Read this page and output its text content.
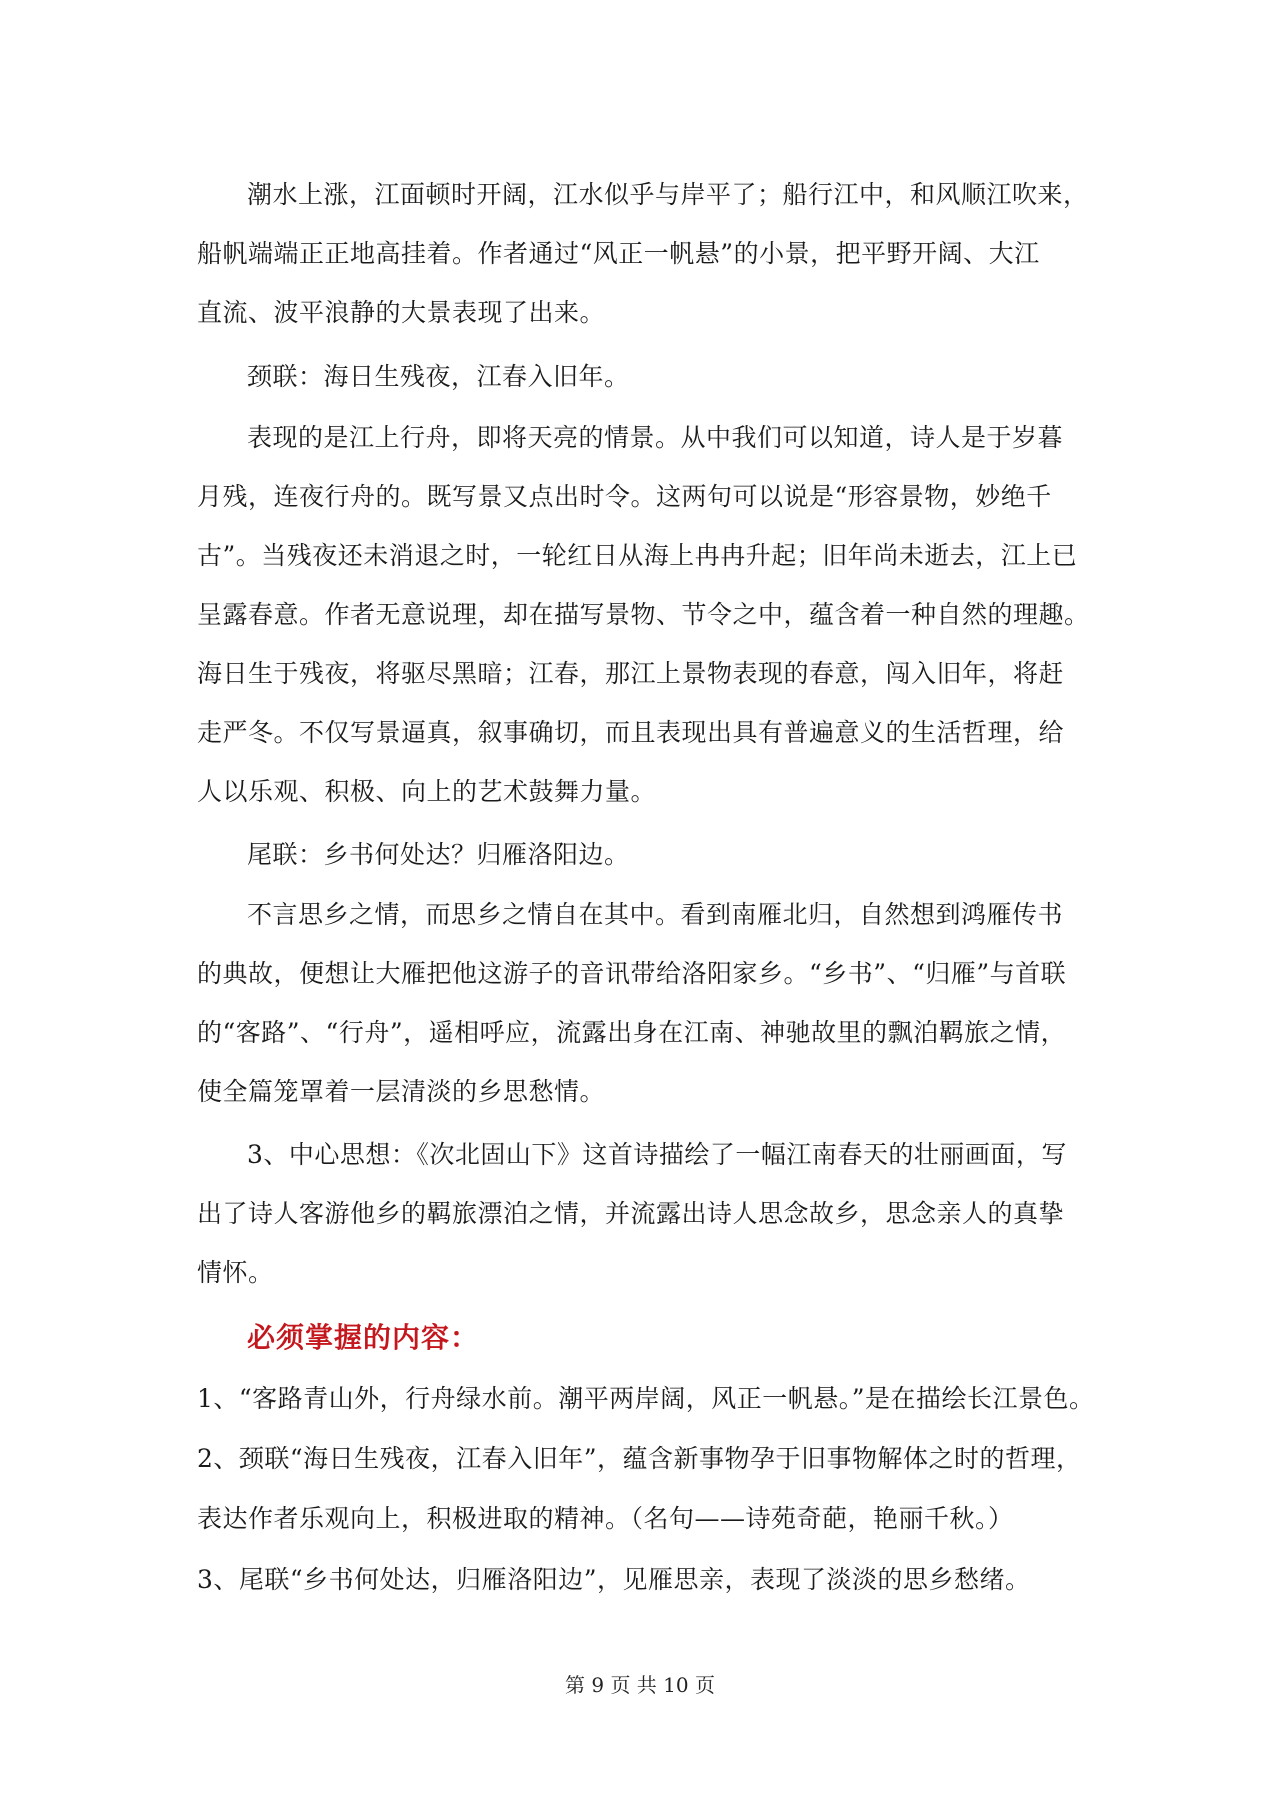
潮水上涨，江面顿时开阔，江水似乎与岸平了；船行江中，和风顺江吹来，
船帆端端正正地高挂着。作者通过“风正一帆悬”的小景，把平野开阔、大江
直流、波平浪静的大景表现了出来。
颈联：海日生残夜，江春入旧年。
表现的是江上行舟，即将天亮的情景。从中我们可以知道，诗人是于岁暮
月残，连夜行舟的。既写景又点出时令。这两句可以说是“形容景物，妙绝千
古”。当残夜还未消退之时，一轮红日从海上冉冉升起；旧年尚未逝去，江上已
呈露春意。作者无意说理，却在描写景物、节令之中，蕴含着一种自然的理趣。
海日生于残夜，将驱尽黑暗；江春，那江上景物表现的春意，闯入旧年，将赶
走严冬。不仅写景逼真，叙事确切，而且表现出具有普遍意义的生活哲理，给
人以乐观、积极、向上的艺术鼓舞力量。
尾联：乡书何处达？归雁洛阳边。
不言思乡之情，而思乡之情自在其中。看到南雁北归，自然想到鸿雁传书
的典故，便想让大雁把他这游子的音讯带给洛阳家乡。“乡书”、“归雁”与首联
的“客路”、“行舟”，遥相呼应，流露出身在江南、神驰故里的飘泊羁旅之情，
使全篇笼罩着一层清淡的乡思愁情。
3、中心思想：《次北固山下》这首诗描绘了一幅江南春天的壮丽画面，写
出了诗人客游他乡的羁旅漂泊之情，并流露出诗人思念故乡，思念亲人的真挚
情怀。
必须掌握的内容：
1、“客路青山外，行舟绿水前。潮平两岸阔，风正一帆悬。”是在描绘长江景色。
2、颈联“海日生残夜，江春入旧年”，蕴含新事物孕于旧事物解体之时的哲理，
表达作者乐观向上，积极进取的精神。（名句——诗苑奇葩，艳丽千秋。）
3、尾联“乡书何处达，归雁洛阳边”，见雁思亲，表现了淡淡的思乡愁绪。
第 9 页 共 10 页
